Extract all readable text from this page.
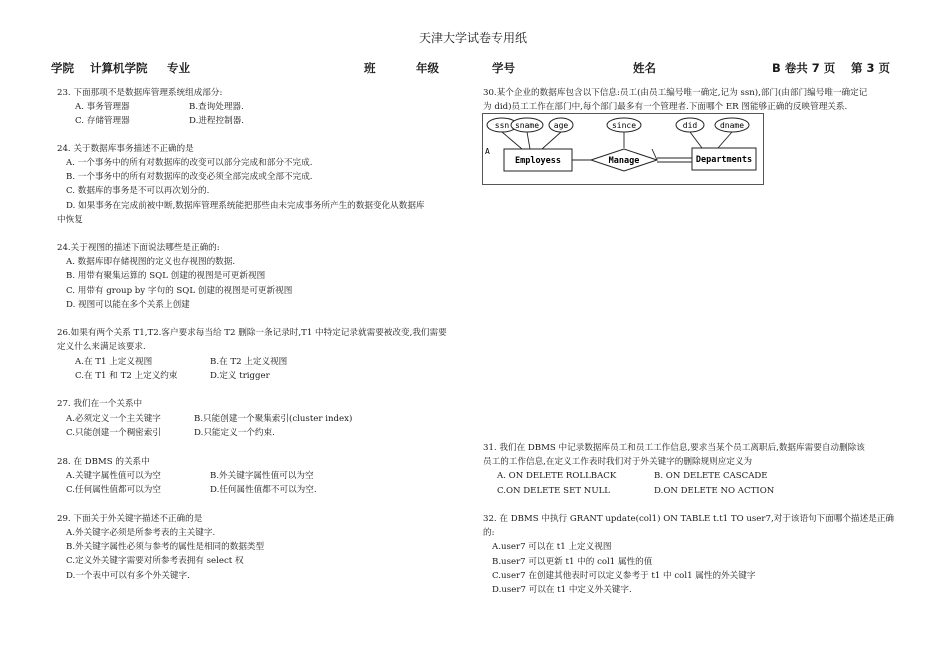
天津大学试卷专用纸
学院 计算机学院 专业	班	年级	学号	姓名	B 卷共 7 页 第 3 页
23. 下面那项不是数据库管理系统组成部分:
A. 事务管理器	B.查询处理器.
C. 存储管理器	D.进程控制器.
24. 关于数据库事务描述不正确的是
A. 一个事务中的所有对数据库的改变可以部分完成和部分不完成.
B. 一个事务中的所有对数据库的改变必须全部完成或全部不完成.
C. 数据库的事务是不可以再次划分的.
D. 如果事务在完成前被中断,数据库管理系统能把那些由未完成事务所产生的数据变化从数据库
中恢复
24.关于视图的描述下面说法哪些是正确的:
A. 数据库即存储视图的定义也存视图的数据.
B. 用带有聚集运算的 SQL 创建的视图是可更新视图
C. 用带有 group by 字句的 SQL 创建的视图是可更新视图
D. 视图可以能在多个关系上创建
26.如果有两个关系 T1,T2.客户要求每当给 T2 删除一条记录时,T1 中特定记录就需要被改变,我们需要
定义什么来满足该要求.
A.在 T1 上定义视图	B.在 T2 上定义视图
C.在 T1 和 T2 上定义约束	D.定义 trigger
27. 我们在一个关系中
A.必须定义一个主关键字	B.只能创建一个聚集索引(cluster index)
C.只能创建一个稠密索引	D.只能定义一个约束.
28. 在 DBMS 的关系中
A.关键字属性值可以为空	B.外关键字属性值可以为空
C.任何属性值都可以为空	D.任何属性值都不可以为空.
29. 下面关于外关键字描述不正确的是
A.外关键字必须是所参考表的主关键字.
B.外关键字属性必须与参考的属性是相同的数据类型
C.定义外关键字需要对所参考表拥有 select 权
D.一个表中可以有多个外关键字.
30.某个企业的数据库包含以下信息:员工(由员工编号唯一确定,记为 ssn),部门(由部门编号唯一确定记
为 did)员工工作在部门中,每个部门最多有一个管理者.下面哪个 ER 图能够正确的反映管理关系.
ssn sname age	since	did	dname
Employess	Manage	Departments
A
31. 我们在 DBMS 中记录数据库员工和员工工作信息,要求当某个员工离职后,数据库需要自动删除该
员工的工作信息,在定义工作表时我们对于外关键字的删除规则应定义为
A. ON DELETE ROLLBACK	B. ON DELETE CASCADE
C.ON DELETE SET NULL	D.ON DELETE NO ACTION
32. 在 DBMS 中执行 GRANT update(col1) ON TABLE t.t1 TO user7,对于该语句下面哪个描述是正确
的:
A.user7 可以在 t1 上定义视图
B.user7 可以更新 t1 中的 col1 属性的值
C.user7 在创建其他表时可以定义参考于 t1 中 col1 属性的外关键字
D.user7 可以在 t1 中定义外关键字.
